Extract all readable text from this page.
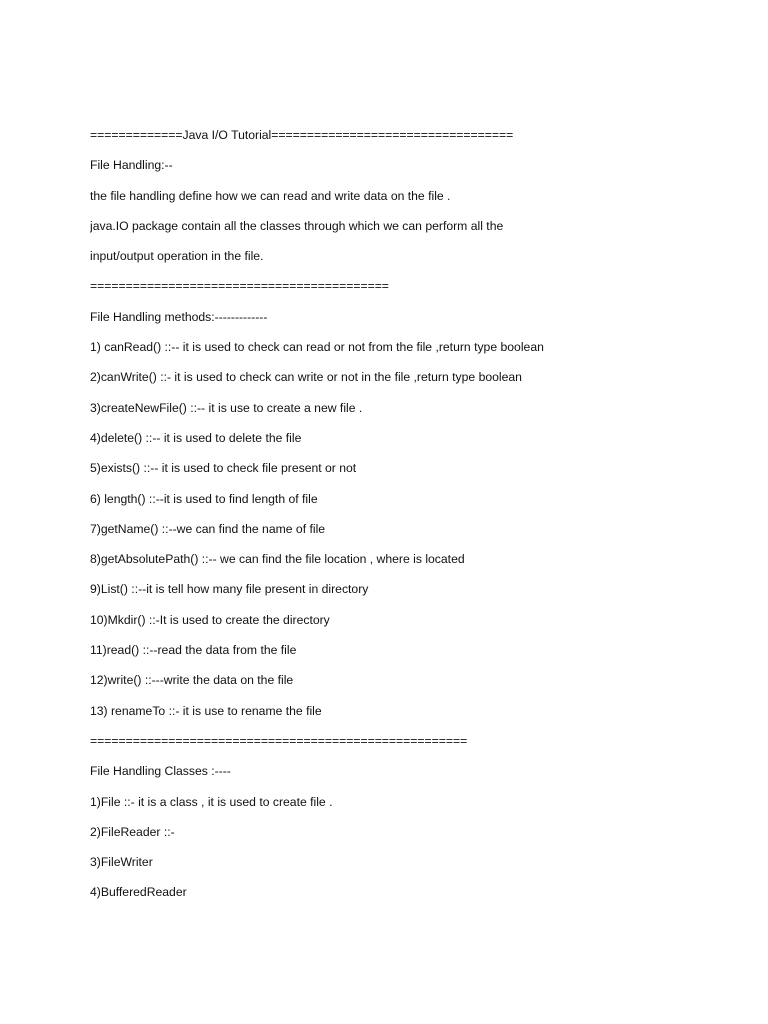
=============Java I/O Tutorial==================================
File Handling:--
the file handling define how we can read and write data on the file .
java.IO package contain all the classes through which we can perform all the
input/output operation in the file.
==========================================
File Handling methods:-------------
1) canRead() ::-- it is used to check can read or not from the file ,return type boolean
2)canWrite() ::- it is used to check can write or not in the file ,return type boolean
3)createNewFile() ::-- it is use to create a new file .
4)delete() ::-- it is used to delete the file
5)exists() ::-- it is used to check file present or not
6) length() ::--it is used to find length of file
7)getName() ::--we can find the name of file
8)getAbsolutePath() ::-- we can find the file location , where is located
9)List() ::--it is tell how many file present in directory
10)Mkdir() ::-It is used to create the directory
11)read() ::--read the data from the file
12)write() ::---write the data on the file
13) renameTo ::- it is use to rename the file
=====================================================
File Handling Classes :----
1)File ::- it is a class , it is used to create file .
2)FileReader ::-
3)FileWriter
4)BufferedReader
